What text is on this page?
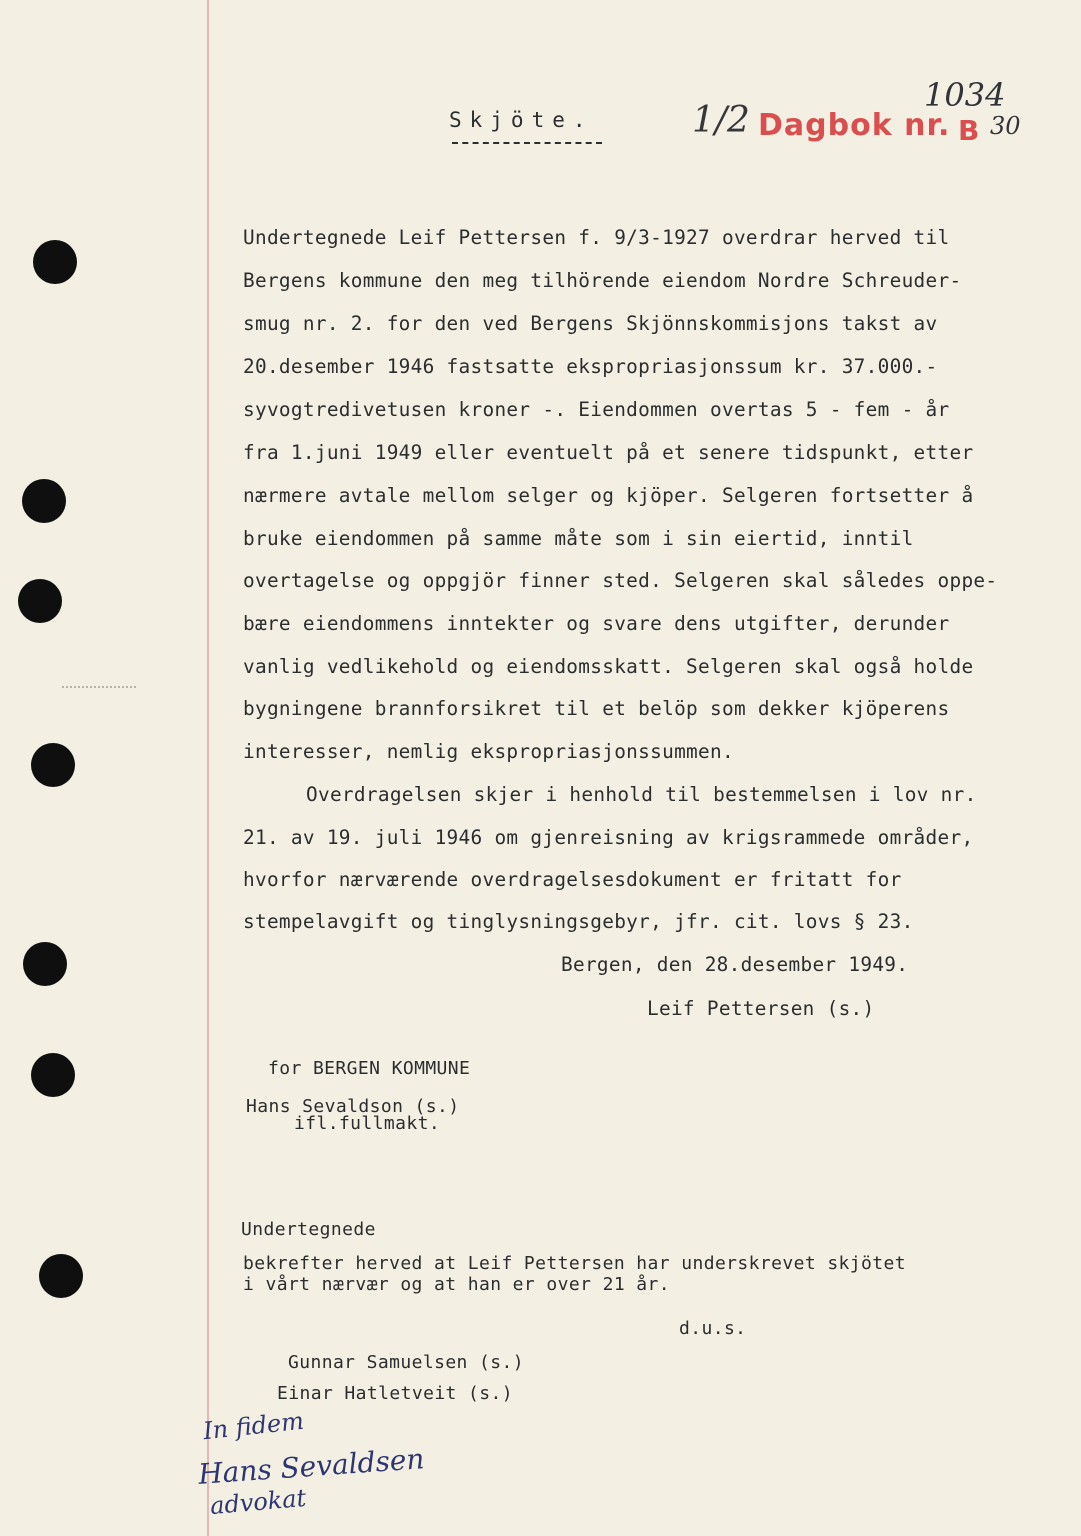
Skjöte.	1/2 Dagbok nr.
1034
B 30
Undertegnede Leif Pettersen f. 9/3-1927 overdrar herved til
Bergens kommune den meg tilhörende eiendom Nordre Schreuder-
smug nr. 2. for den ved Bergens Skjönnskommisjons takst av
20.desember 1946 fastsatte ekspropriasjonssum kr. 37.000.-
syvogtredivetusen kroner -. Eiendommen overtas 5 - fem - år
fra 1.juni 1949 eller eventuelt på et senere tidspunkt, etter
nærmere avtale mellom selger og kjöper. Selgeren fortsetter å
bruke eiendommen på samme måte som i sin eiertid, inntil
overtagelse og oppgjör finner sted. Selgeren skal således oppe-
bære eiendommens inntekter og svare dens utgifter, derunder
vanlig vedlikehold og eiendomsskatt. Selgeren skal også holde
bygningene brannforsikret til et belöp som dekker kjöperens
interesser, nemlig ekspropriasjonssummen.
Overdragelsen skjer i henhold til bestemmelsen i lov nr.
21. av 19. juli 1946 om gjenreisning av krigsrammede områder,
hvorfor nærværende overdragelsesdokument er fritatt for
stempelavgift og tinglysningsgebyr, jfr. cit. lovs § 23.
Bergen, den 28.desember 1949.
Leif Pettersen (s.)
for BERGEN KOMMUNE
Hans Sevaldson (s.)
ifl.fullmakt.
Undertegnede
bekrefter herved at Leif Pettersen har underskrevet skjötet
i vårt nærvær og at han er over 21 år.
d.u.s.
Gunnar Samuelsen (s.)
Einar Hatletveit (s.)
In fidem
Hans Sevaldsen
advokat
